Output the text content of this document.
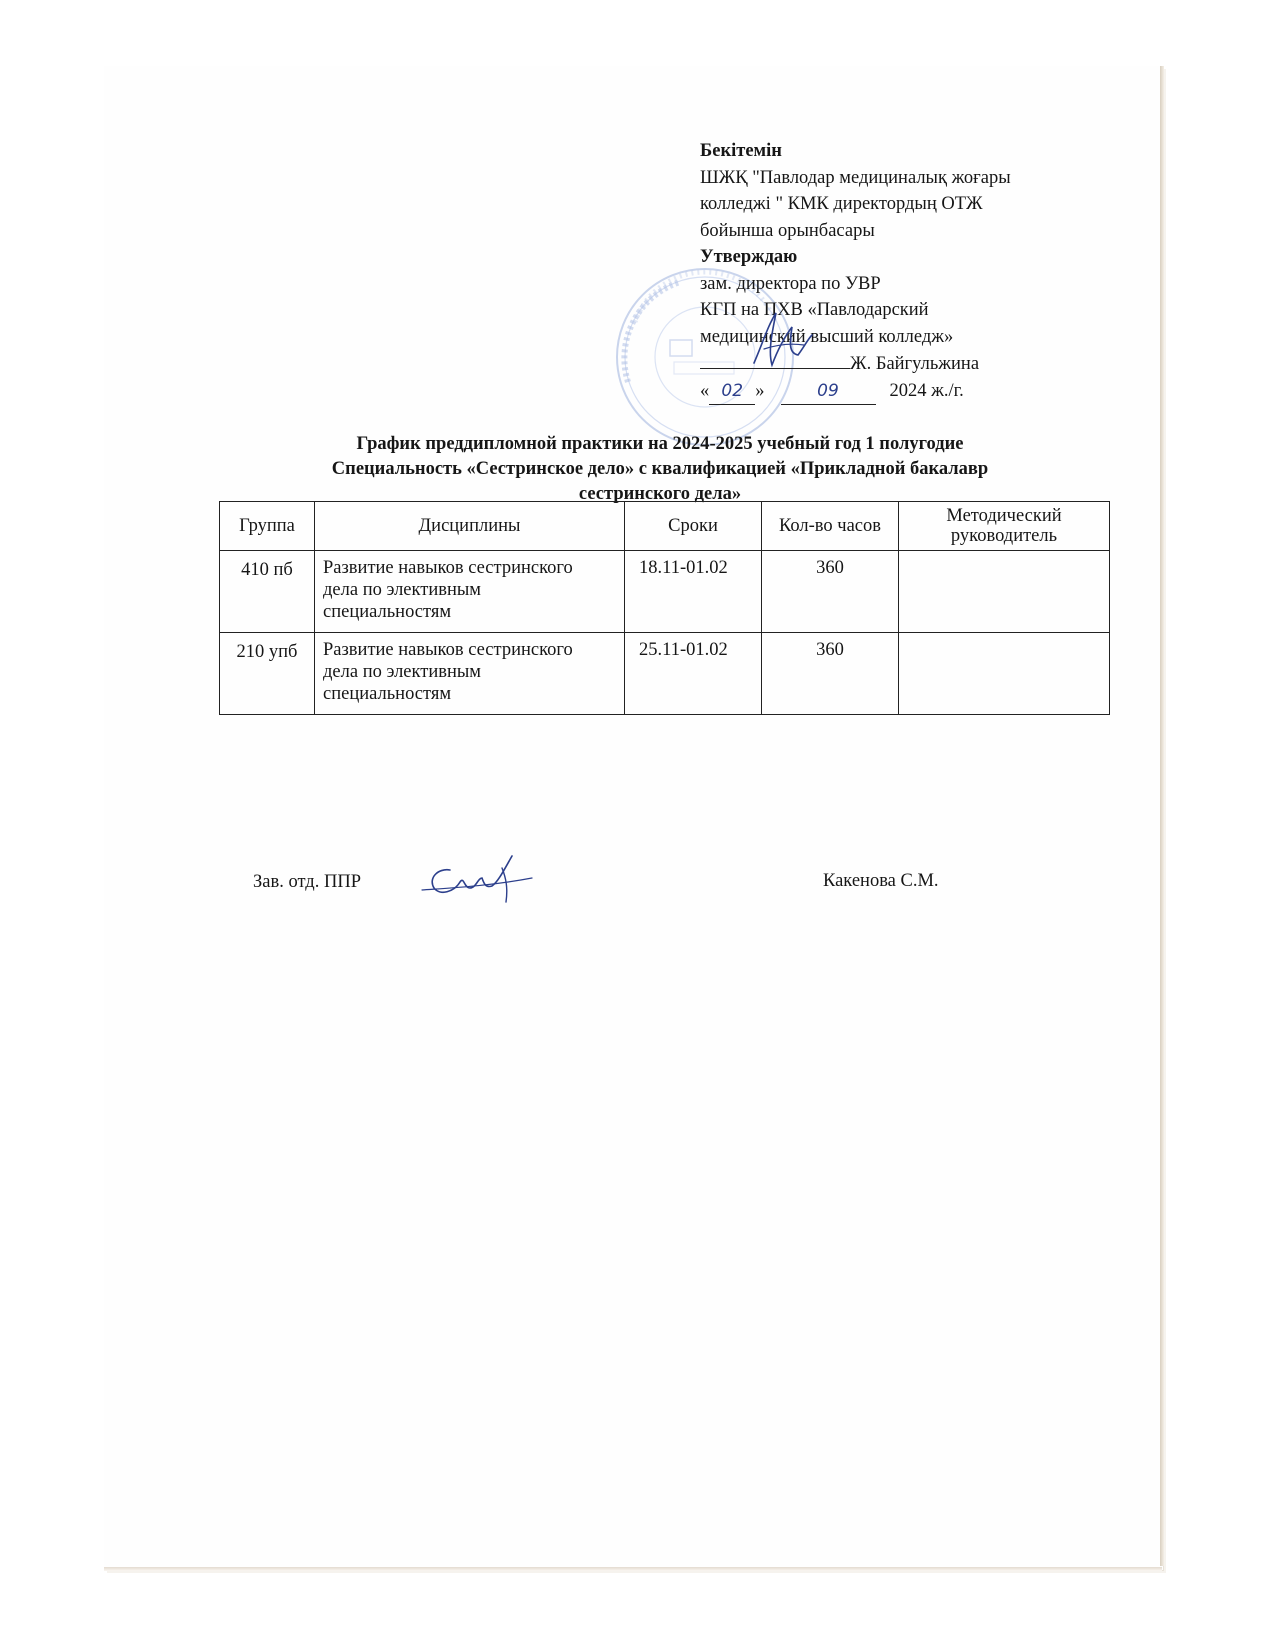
Бекітемін
ШЖҚ "Павлодар медициналық жоғары
колледжі " КМК директордың ОТЖ
бойынша орынбасары
Утверждаю
зам. директора по УВР
КГП на ПХВ «Павлодарский
медицинский высший колледж»
Ж. Байгульжина
« 02 »	09	2024 ж./г.
График преддипломной практики на 2024-2025 учебный год 1 полугодие
Специальность «Сестринское дело» с квалификацией «Прикладной бакалавр
сестринского дела»
Группа	Дисциплины	Сроки	Кол-во часов	Методический
руководитель

410 пб	Развитие навыков сестринского
дела по элективным
специальностям	18.11-01.02	360	
210 упб	Развитие навыков сестринского
дела по элективным
специальностям	25.11-01.02	360	
Зав. отд. ППР	Какенова С.М.
